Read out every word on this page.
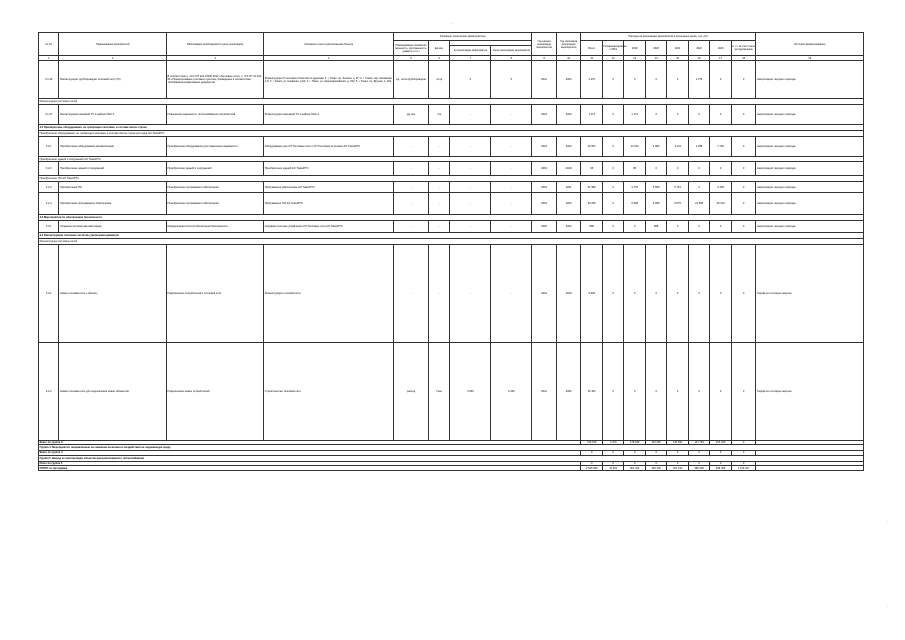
'
№ п/п	Наименование мероприятий	Обоснование необходимости (цель реализации)	Описание и место расположения объекта	Основные технические характеристики				Год начала реализации мероприятия	Год окончания реализации мероприятия	Расходы на реализацию мероприятий в прогнозных ценах, тыс. руб.								Источник финансирования
				Наименование показателя (мощность, протяженность, диаметр и т.п.)	Ед.изм.					Всего	Профинансировано к 2019	2019	2020	2021	2022	2023	в т.ч. за счет платы за подключение	
						до реализации мероприятия	после реализации мероприятия											
1	2	3	4	5	6	7	8	9	10	11	12	13	14	15	16	17	18	19
3.1.26	Реконструкция трубопроводов тепловой сети (ТС)	В соответствии п. 13.2 СП 124.13330.2012 «Тепловые сети», п. 5.5 СП 41-101-95 «Проектирование тепловых пунктов», приведение в соответствие требованиям нормативных документов	Реконструкция 5 тепловых объектов по адресам: 1. г. Томск, пр. Ленина, д. 97; 2. г. Томск, пер. Нахимова, д.5; 3. г. Томск, ул. Киевская, д.94; 4. г. Томск, ул. Красноармейская, д. 152; 5. г. Томск, пр. Фрунзе, д. 103	ед. теплотрубопроводов	штук	5	5	2021	2023	1 276	0	0	0	0	1 276	0	0	Амортизация текущего периода
Реконструкция тепловых сетей																		
3.1.27	Реконструкция наземной ТС в районе ПНС 4	Повышение надежности теплоснабжения потребителей	Реконструкция наземной ТС в районе ПНС-4	Ду, мм	п.м	-	-	2019	2020	1 174	0	1 174	0	0	0	0	0	Амортизация текущего периода
3.2 Приобретение оборудования, не требующего монтажа, в составе сметы строек																		
Приобретение оборудования, не требующего монтажа, в составе сметы строек для нужд АО ТомскРТС																		
3.2.1	Приобретение оборудования автоматизации	Приобретение оборудования для повышения надежности	Оборудование для СП Тепловые сети и СП Тепловые источники АО ТомскРТС	-	-	-	-	2019	2023	22 697	0	14 162	4 566	4 144	2 388	7 164	0	Амортизация текущего периода
Приобретение зданий и сооружений АО ТомскРТС																		
3.2.2	Приобретение зданий и сооружений	Приобретение зданий и сооружений	Приобретение зданий АО ТомскРТС	-	-	-	-	2019	2019	95	0	95	0	0	0	0	0	Амортизация текущего периода
Приобретение ПО АО ТомскРТС																		
3.2.3	Приобретение ПО	Приобретение программного обеспечения	Программное обеспечение АО ТомскРТС	-	-	-	-	2019	2021	21 982	0	3 779	6 556	6 761	0	3 405	0	Амортизация текущего периода
3.2.4	Приобретение программного обеспечения	Приобретение программного обеспечения	Программное ПО АО ТомскРТС	-	-	-	-	2019	2023	90 265	0	9 468	6 095	6 675	21 598	46 414	0	Амортизация текущего периода
3.3 Мероприятия по обеспечению безопасности																		
3.3.1	Создание системы автоматизации	Модернизация систем обеспечения безопасности	Создание системы управления СП Тепловые сети АО ТомскРТС	-	-	-	-	2020	2022	868	0	0	868	0	0	0	0	Амортизация текущего периода
3.4 Реконструкция тепловых сетей без увеличения диаметра																		
Реконструкция тепловых сетей																		
3.4.1	Новая тепловая сеть к объекту	Подключение потребителей к тепловой сети	Реконструкция тепловой сети	-	-	-	-	2019	2019	6 946	0	0	0	0	0	0	0	Тариф на тепловую энергию
3.4.2	Новая тепловая сеть для подключения новых абонентов	Подключение новых потребителей	Строительство тепловой сети	расход	Гкал	3 900	6 400	2021	2022	16 101	0	0	0	0	0	0	0	Тариф на тепловую энергию
Всего по группе 3										729 516	4 470	178 039	113 245	144 591	141 793	151 420	0	
Группа 4. Мероприятия, направленные на снижение негативного воздействия на окружающую среду																		
Всего по группе 4										0	0	0	0	0	0	0	0	
Группа 5. Вывод из эксплуатации объектов централизованного теплоснабжения																		
Итого по группе 5										0	0	0	0	0	0	0	0	
ИТОГО по программе										2 525 980	11 353	501 326	453 146	451 191	589 495	498 305	1 573 227	
'
'
